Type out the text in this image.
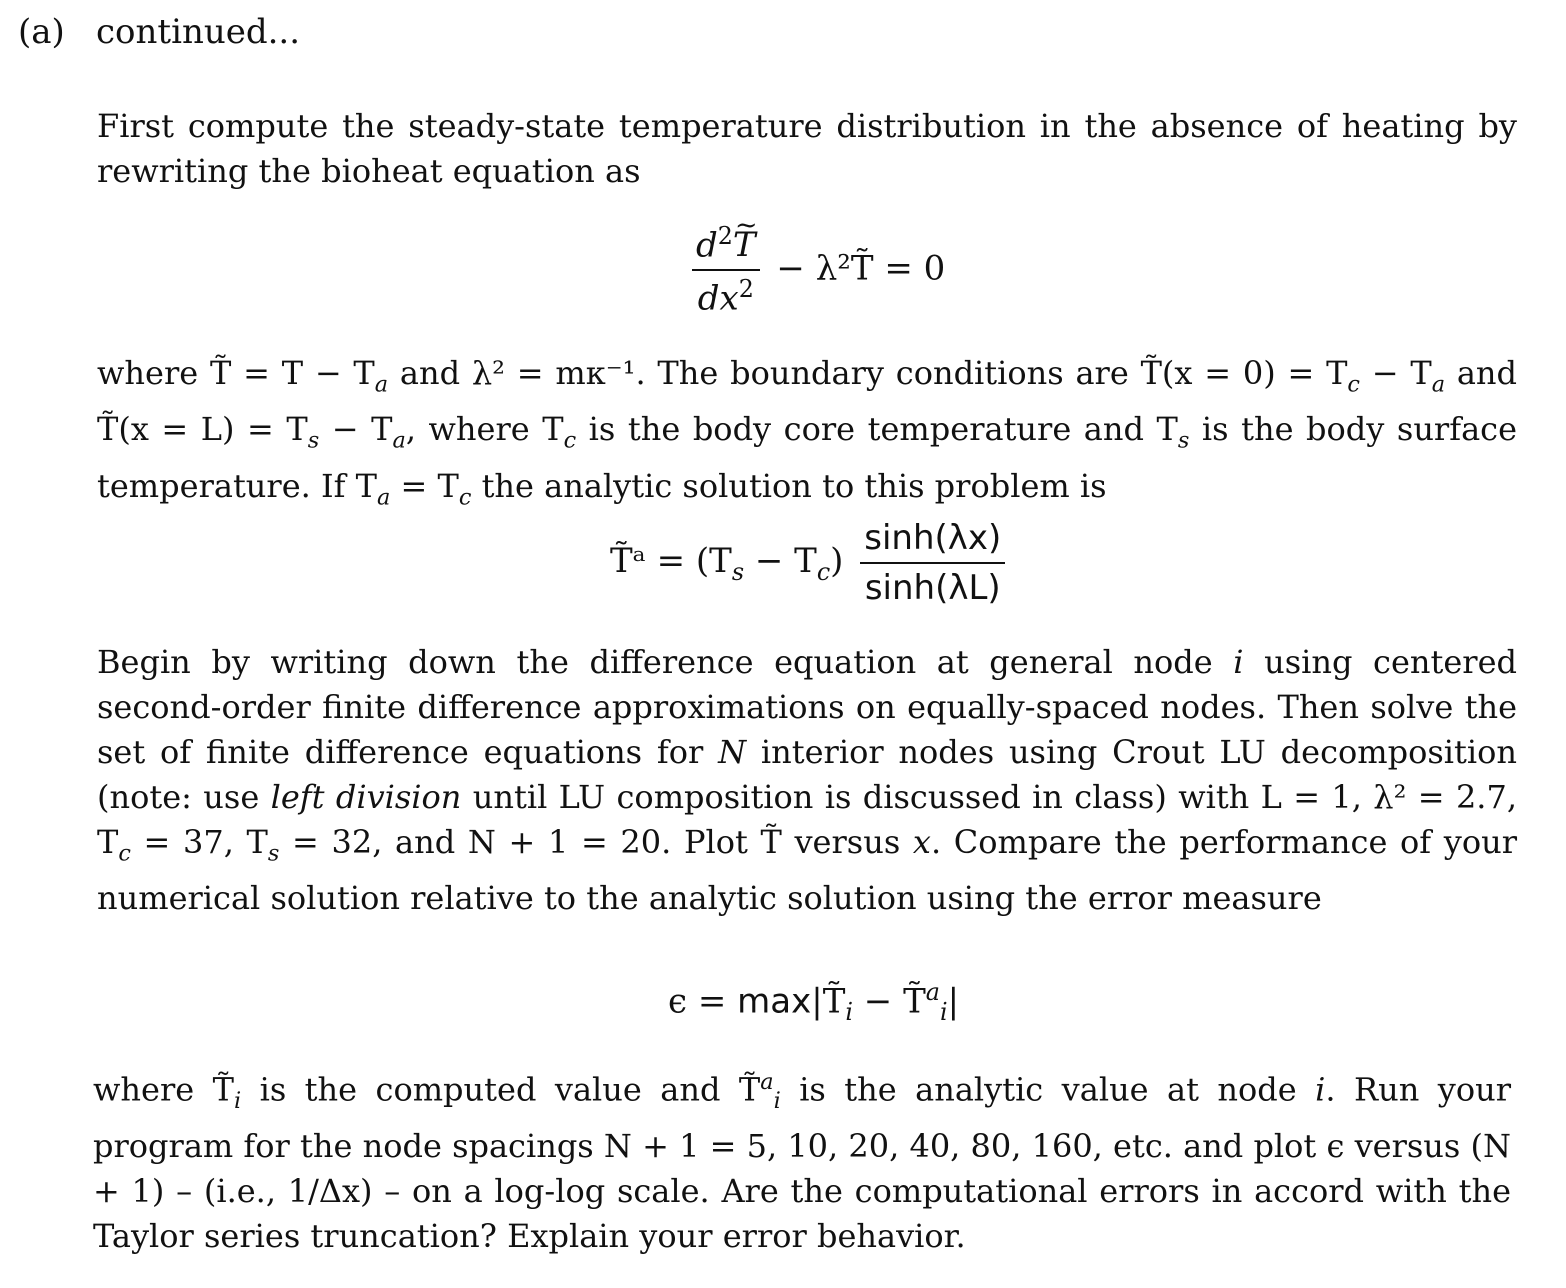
(a) continued...
First compute the steady-state temperature distribution in the absence of heating by rewriting the bioheat equation as
$\frac{d^2\sim T}{dx^2}$ − λ²T̃ = 0
where T̃ = $T - T_a$ and λ² = mκ⁻¹. The boundary conditions are T̃(x = $0) = T_c - T_a$ and T̃(x = $L) = T_s - T_a$, where $T_c$ is the body core temperature and $T_s$ is the body surface temperature. If $T_a = T_c$ the analytic solution to this problem is
T̃ᵃ = $(T_s - T_c) \frac{\sinh(\lambda x)}{\sinh(\lambda L)}$
Begin by writing down the difference equation at general node i using centered second-order finite difference approximations on equally-spaced nodes. Then solve the set of finite difference equations for N interior nodes using Crout LU decomposition (note: use left division until LU composition is discussed in class) with L = 1, λ² = 2.7, $T_c = 37$, $T_s = 32$, and N + 1 = 20. Plot T̃ versus x. Compare the performance of your numerical solution relative to the analytic solution using the error measure
$\epsilon = \max|T̃_i$ − T̃$^a_i$|
where $T̃_i$ is the computed value and T̃$^a_i$ is the analytic value at node i. Run your program for the node spacings N + 1 = 5, 10, 20, 40, 80, 160, etc. and plot ϵ versus (N + 1) – (i.e., 1/Δx) – on a log-log scale. Are the computational errors in accord with the Taylor series truncation? Explain your error behavior.
